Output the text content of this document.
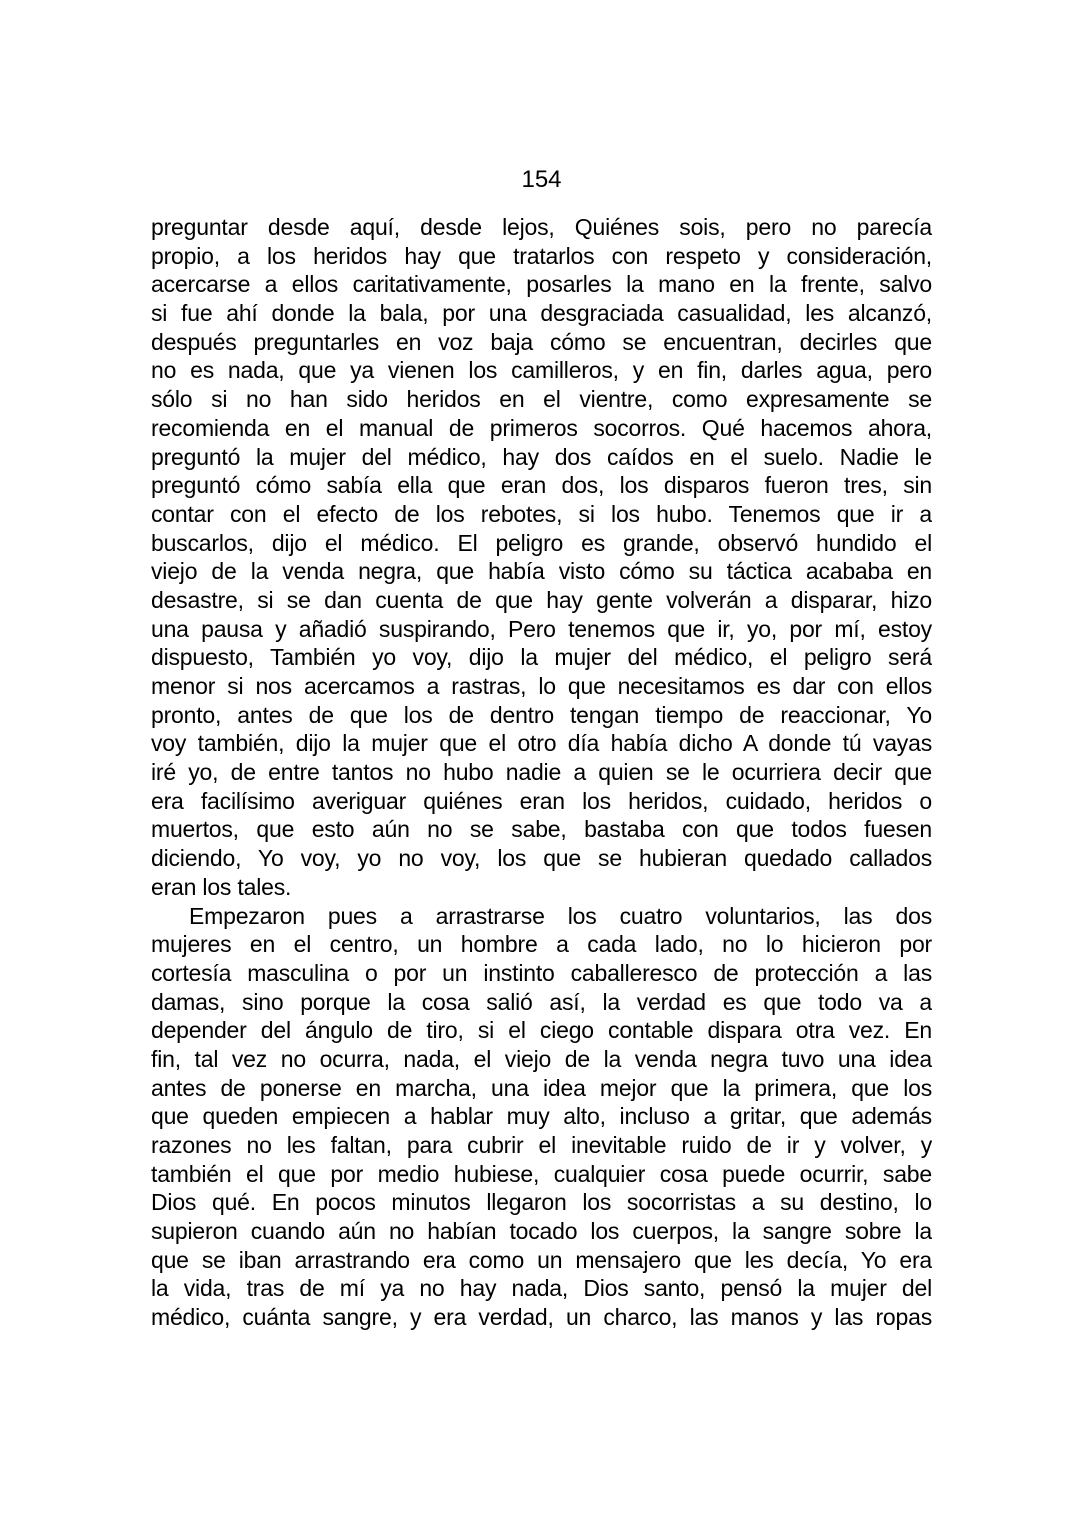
154
preguntar desde aquí, desde lejos, Quiénes sois, pero no parecía
propio, a los heridos hay que tratarlos con respeto y consideración,
acercarse a ellos caritativamente, posarles la mano en la frente, salvo
si fue ahí donde la bala, por una desgraciada casualidad, les alcanzó,
después preguntarles en voz baja cómo se encuentran, decirles que
no es nada, que ya vienen los camilleros, y en fin, darles agua, pero
sólo si no han sido heridos en el vientre, como expresamente se
recomienda en el manual de primeros socorros. Qué hacemos ahora,
preguntó la mujer del médico, hay dos caídos en el suelo. Nadie le
preguntó cómo sabía ella que eran dos, los disparos fueron tres, sin
contar con el efecto de los rebotes, si los hubo. Tenemos que ir a
buscarlos, dijo el médico. El peligro es grande, observó hundido el
viejo de la venda negra, que había visto cómo su táctica acababa en
desastre, si se dan cuenta de que hay gente volverán a disparar, hizo
una pausa y añadió suspirando, Pero tenemos que ir, yo, por mí, estoy
dispuesto, También yo voy, dijo la mujer del médico, el peligro será
menor si nos acercamos a rastras, lo que necesitamos es dar con ellos
pronto, antes de que los de dentro tengan tiempo de reaccionar, Yo
voy también, dijo la mujer que el otro día había dicho A donde tú vayas
iré yo, de entre tantos no hubo nadie a quien se le ocurriera decir que
era facilísimo averiguar quiénes eran los heridos, cuidado, heridos o
muertos, que esto aún no se sabe, bastaba con que todos fuesen
diciendo, Yo voy, yo no voy, los que se hubieran quedado callados
eran los tales.
Empezaron pues a arrastrarse los cuatro voluntarios, las dos
mujeres en el centro, un hombre a cada lado, no lo hicieron por
cortesía masculina o por un instinto caballeresco de protección a las
damas, sino porque la cosa salió así, la verdad es que todo va a
depender del ángulo de tiro, si el ciego contable dispara otra vez. En
fin, tal vez no ocurra, nada, el viejo de la venda negra tuvo una idea
antes de ponerse en marcha, una idea mejor que la primera, que los
que queden empiecen a hablar muy alto, incluso a gritar, que además
razones no les faltan, para cubrir el inevitable ruido de ir y volver, y
también el que por medio hubiese, cualquier cosa puede ocurrir, sabe
Dios qué. En pocos minutos llegaron los socorristas a su destino, lo
supieron cuando aún no habían tocado los cuerpos, la sangre sobre la
que se iban arrastrando era como un mensajero que les decía, Yo era
la vida, tras de mí ya no hay nada, Dios santo, pensó la mujer del
médico, cuánta sangre, y era verdad, un charco, las manos y las ropas
